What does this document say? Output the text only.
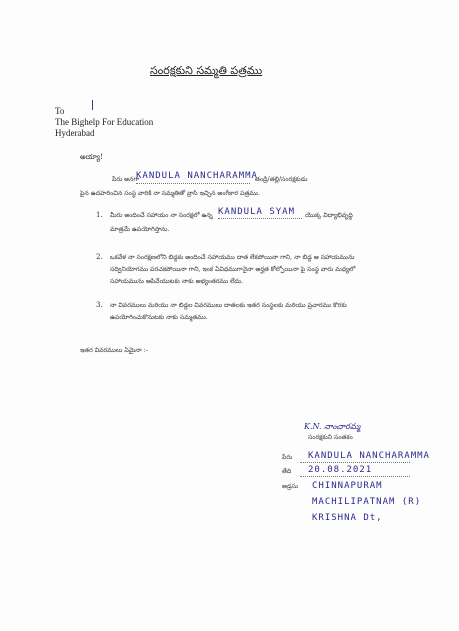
సంరక్షకుని సమ్మతి పత్రము
To
The Bighelp For Education
Hyderabad
అయ్యా!
పేరు అనగా
KANDULA NANCHARAMMA
తండ్రి/తల్లి/సంరక్షకుడు
పైన ఉదహరించిన సంస్థ వారికి నా సమ్మతితో వ్రాసి ఇచ్చిన అంగీకార పత్రము.
1. మీరు అందించే సహాయం నా సంరక్షలో ఉన్న KANDULA SYAM యొక్క విద్యాభివృద్ధి
మాత్రమే ఉపయోగిస్తాను.
2. ఒకవేళ నా సంరక్షణలోని బిడ్డకు అందించే సహాయము దాత లేకపోయినా గాని, నా బిడ్డ ఆ సహాయమును
సద్వినియోగము పరచకపోయినా గాని, ఇంక ఏవిధముగానైనా అర్హత కోల్పోయినా పై సంస్థ వారు మధ్యలో
సహాయమును ఆపివేయుటకు నాకు అభ్యంతరము లేదు.
3. నా వివరములు మరియు నా బిడ్డల వివరములు దాతలకు ఇతర సంస్థలకు మరియు ప్రచారము కొరకు
ఉపయోగించుకొనుటకు నాకు సమ్మతము.
ఇతర వివరములు ఏమైనా :-
K.N. నాంచారమ్మ
సంరక్షకుని సంతకం
పేరు KANDULA NANCHARAMMA
తేది 20.08.2021
అడ్రసు CHINNAPURAM
MACHILIPATNAM (R)
KRISHNA Dt,
